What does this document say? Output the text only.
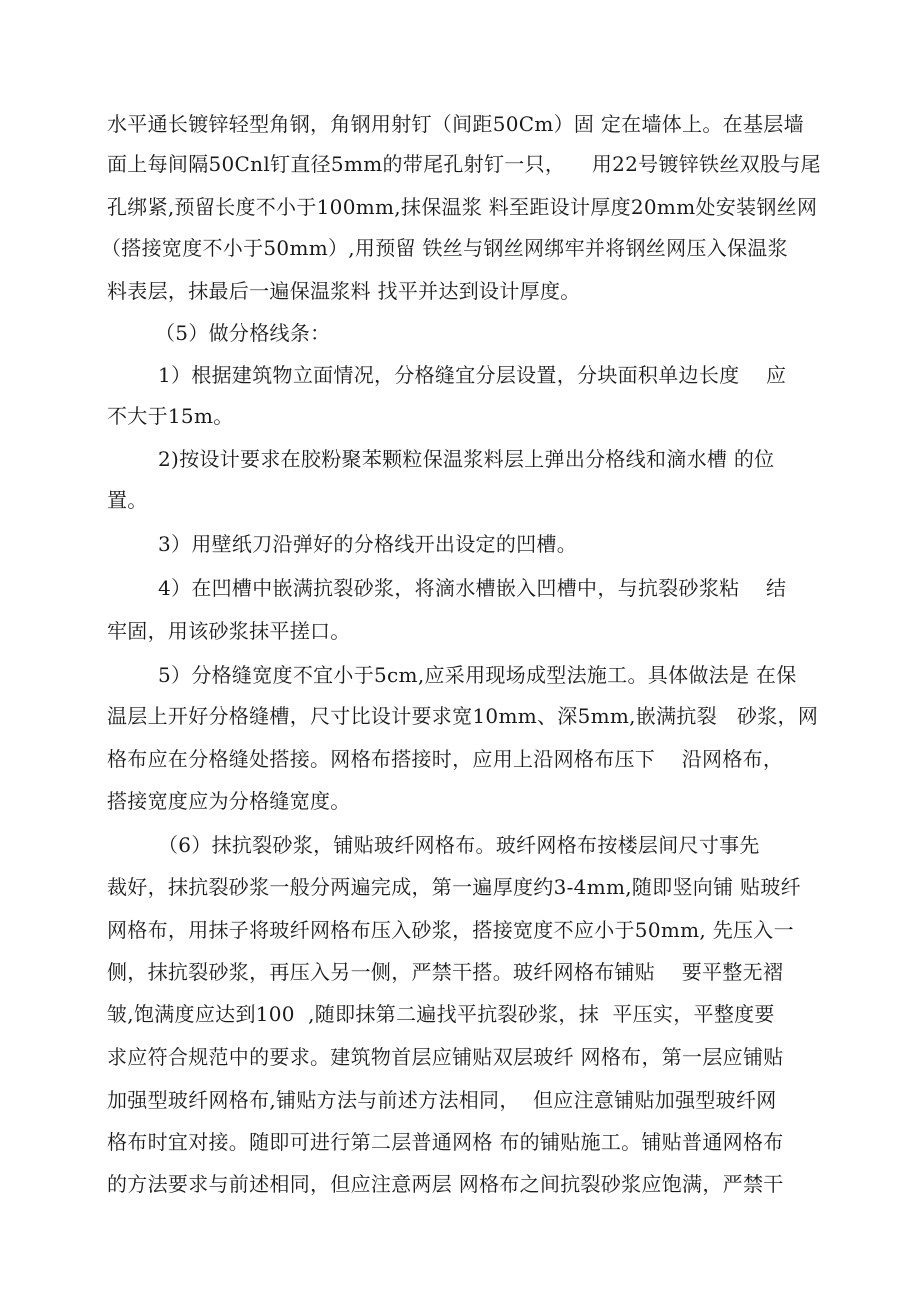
水平通长镀锌轻型角钢，角钢用射钉（间距50Cm）固 定在墙体上。在基层墙
面上每间隔50Cnl钉直径5mm的带尾孔射钉一只，    用22号镀锌铁丝双股与尾
孔绑紧,预留长度不小于100mm,抹保温浆 料至距设计厚度20mm处安装钢丝网
（搭接宽度不小于50mm）,用预留 铁丝与钢丝网绑牢并将钢丝网压入保温浆
料表层，抹最后一遍保温浆料 找平并达到设计厚度。
（5）做分格线条：
1）根据建筑物立面情况，分格缝宜分层设置，分块面积单边长度    应
不大于15m。
2)按设计要求在胶粉聚苯颗粒保温浆料层上弹出分格线和滴水槽 的位
置。
3）用壁纸刀沿弹好的分格线开出设定的凹槽。
4）在凹槽中嵌满抗裂砂浆，将滴水槽嵌入凹槽中，与抗裂砂浆粘    结
牢固，用该砂浆抹平搓口。
5）分格缝宽度不宜小于5cm,应采用现场成型法施工。具体做法是 在保
温层上开好分格缝槽，尺寸比设计要求宽10mm、深5mm,嵌满抗裂   砂浆，网
格布应在分格缝处搭接。网格布搭接时，应用上沿网格布压下    沿网格布，
搭接宽度应为分格缝宽度。
（6）抹抗裂砂浆，铺贴玻纤网格布。玻纤网格布按楼层间尺寸事先
裁好，抹抗裂砂浆一般分两遍完成，第一遍厚度约3-4mm,随即竖向铺 贴玻纤
网格布，用抹子将玻纤网格布压入砂浆，搭接宽度不应小于50mm, 先压入一
侧，抹抗裂砂浆，再压入另一侧，严禁干搭。玻纤网格布铺贴    要平整无褶
皱,饱满度应达到100  ,随即抹第二遍找平抗裂砂浆，抹  平压实，平整度要
求应符合规范中的要求。建筑物首层应铺贴双层玻纤 网格布，第一层应铺贴
加强型玻纤网格布,铺贴方法与前述方法相同，  但应注意铺贴加强型玻纤网
格布时宜对接。随即可进行第二层普通网格 布的铺贴施工。铺贴普通网格布
的方法要求与前述相同，但应注意两层 网格布之间抗裂砂浆应饱满，严禁干
